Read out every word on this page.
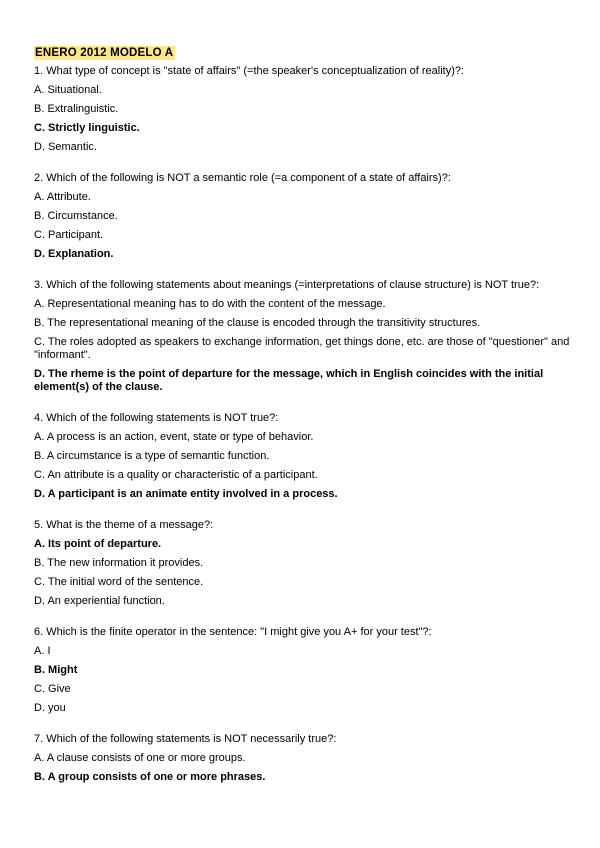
ENERO 2012 MODELO A
1. What type of concept is "state of affairs" (=the speaker's conceptualization of reality)?:
A. Situational.
B. Extralinguistic.
C. Strictly linguistic.
D. Semantic.
2. Which of the following is NOT a semantic role (=a component of a state of affairs)?:
A. Attribute.
B. Circumstance.
C. Participant.
D. Explanation.
3. Which of the following statements about meanings (=interpretations of clause structure) is NOT true?:
A. Representational meaning has to do with the content of the message.
B. The representational meaning of the clause is encoded through the transitivity structures.
C. The roles adopted as speakers to exchange information, get things done, etc. are those of "questioner" and "informant".
D. The rheme is the point of departure for the message, which in English coincides with the initial element(s) of the clause.
4. Which of the following statements is NOT true?:
A. A process is an action, event, state or type of behavior.
B. A circumstance is a type of semantic function.
C. An attribute is a quality or characteristic of a participant.
D. A participant is an animate entity involved in a process.
5. What is the theme of a message?:
A. Its point of departure.
B. The new information it provides.
C. The initial word of the sentence.
D. An experiential function.
6. Which is the finite operator in the sentence: "I might give you A+ for your test"?:
A. I
B. Might
C. Give
D. you
7. Which of the following statements is NOT necessarily true?:
A. A clause consists of one or more groups.
B. A group consists of one or more phrases.
